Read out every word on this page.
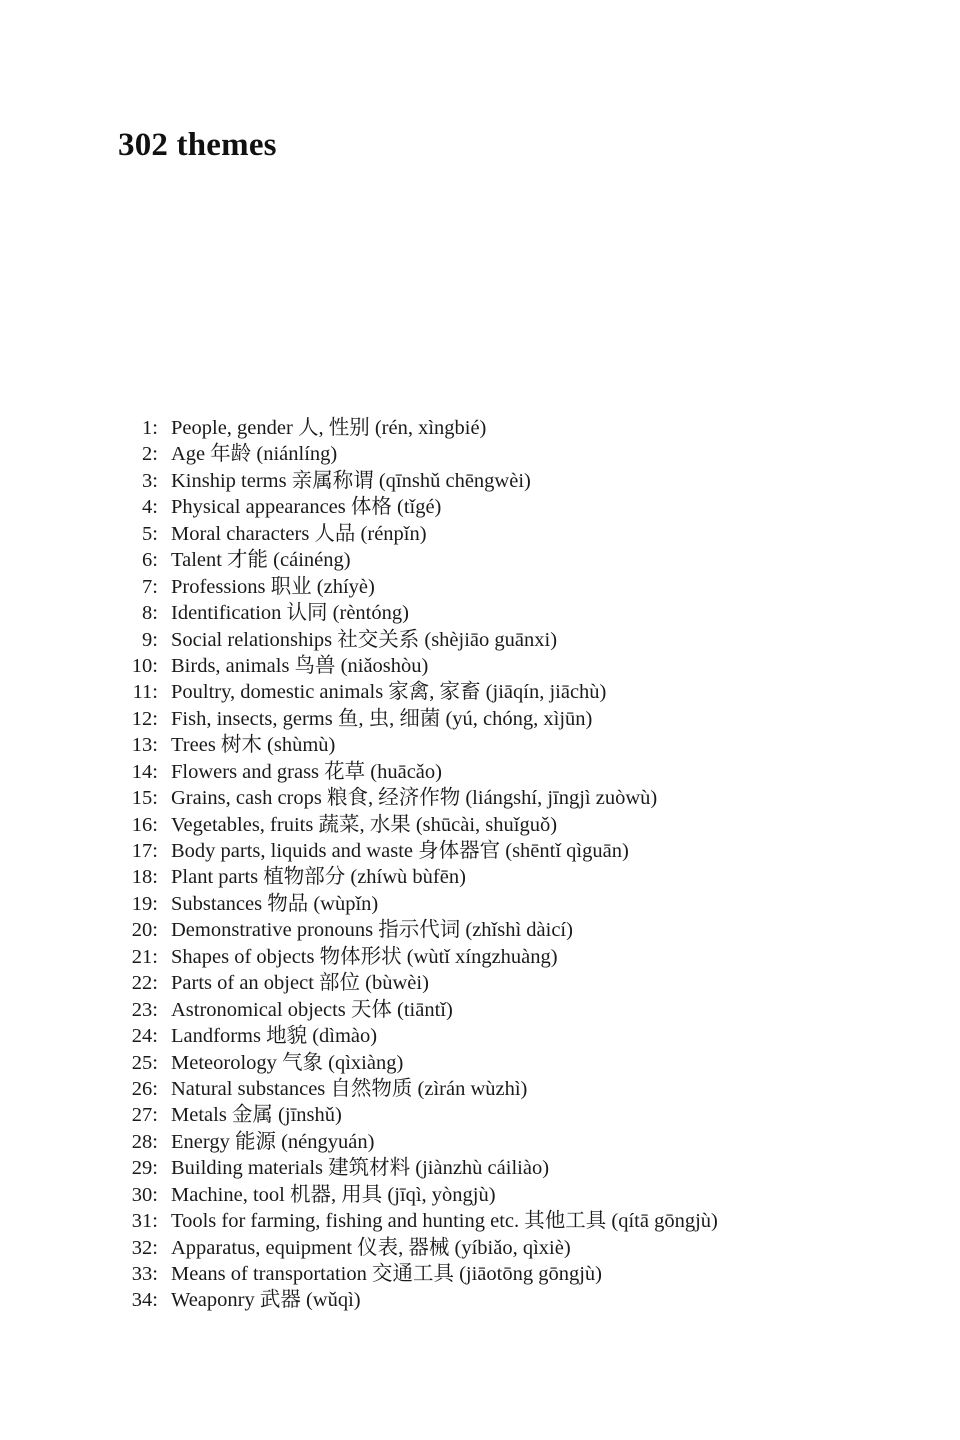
302 themes
1: People, gender 人, 性别 (rén, xìngbié)
2: Age 年龄 (niánlíng)
3: Kinship terms 亲属称谓 (qīnshǔ chēngwèi)
4: Physical appearances 体格 (tǐgé)
5: Moral characters 人品 (rénpǐn)
6: Talent 才能 (cáinéng)
7: Professions 职业 (zhíyè)
8: Identification 认同 (rèntóng)
9: Social relationships 社交关系 (shèjiāo guānxi)
10: Birds, animals 鸟兽 (niǎoshòu)
11: Poultry, domestic animals 家禽, 家畜 (jiāqín, jiāchù)
12: Fish, insects, germs 鱼, 虫, 细菌 (yú, chóng, xìjūn)
13: Trees 树木 (shùmù)
14: Flowers and grass 花草 (huācǎo)
15: Grains, cash crops 粮食, 经济作物 (liángshí, jīngjì zuòwù)
16: Vegetables, fruits 蔬菜, 水果 (shūcài, shuǐguǒ)
17: Body parts, liquids and waste 身体器官 (shēntǐ qìguān)
18: Plant parts 植物部分 (zhíwù bùfēn)
19: Substances 物品 (wùpǐn)
20: Demonstrative pronouns 指示代词 (zhǐshì dàicí)
21: Shapes of objects 物体形状 (wùtǐ xíngzhuàng)
22: Parts of an object 部位 (bùwèi)
23: Astronomical objects 天体 (tiāntǐ)
24: Landforms 地貌 (dìmào)
25: Meteorology 气象 (qìxiàng)
26: Natural substances 自然物质 (zìrán wùzhì)
27: Metals 金属 (jīnshǔ)
28: Energy 能源 (néngyuán)
29: Building materials 建筑材料 (jiànzhù cáiliào)
30: Machine, tool 机器, 用具 (jīqì, yòngjù)
31: Tools for farming, fishing and hunting etc. 其他工具 (qítā gōngjù)
32: Apparatus, equipment 仪表, 器械 (yíbiǎo, qìxiè)
33: Means of transportation 交通工具 (jiāotōng gōngjù)
34: Weaponry 武器 (wǔqì)
